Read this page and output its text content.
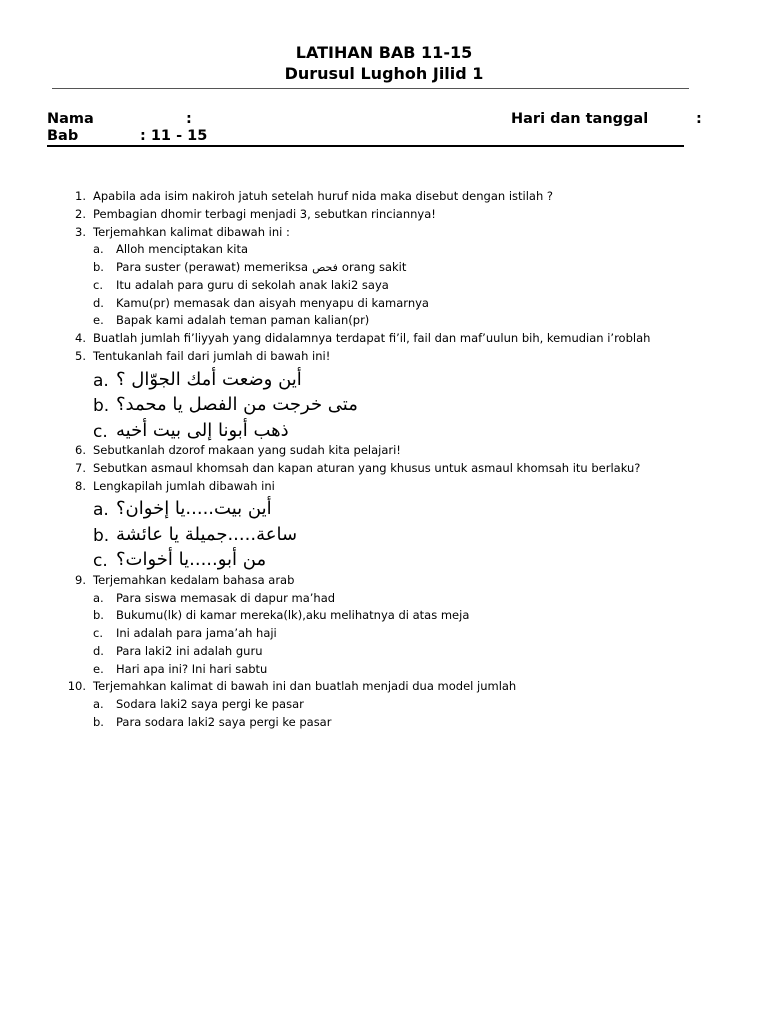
LATIHAN BAB 11-15
Durusul Lughoh Jilid 1
Nama	:	Hari dan tanggal	:
Bab	: 11 - 15
1. Apabila ada isim nakiroh jatuh setelah huruf nida maka disebut dengan istilah ?
2. Pembagian dhomir terbagi menjadi 3, sebutkan rinciannya!
3. Terjemahkan kalimat dibawah ini :
a. Alloh menciptakan kita
b. Para suster (perawat) memeriksa فحص orang sakit
c. Itu adalah para guru di sekolah anak laki2 saya
d. Kamu(pr) memasak dan aisyah menyapu di kamarnya
e. Bapak kami adalah teman paman kalian(pr)
4. Buatlah jumlah fi’liyyah yang didalamnya terdapat fi’il, fail dan maf’uulun bih, kemudian i’roblah
5. Tentukanlah fail dari jumlah di bawah ini!
a. أين وضعت أمك الجوّال ؟
b. متى خرجت من الفصل يا محمد؟
c. ذهب أبونا إلى بيت أخيه
6. Sebutkanlah dzorof makaan yang sudah kita pelajari!
7. Sebutkan asmaul khomsah dan kapan aturan yang khusus untuk asmaul khomsah itu berlaku?
8. Lengkapilah jumlah dibawah ini
a. أين بيت.....يا إخوان؟
b. ساعة.....جميلة يا عائشة
c. من أبو.....يا أخوات؟
9. Terjemahkan kedalam bahasa arab
a. Para siswa memasak di dapur ma’had
b. Bukumu(lk) di kamar mereka(lk),aku melihatnya di atas meja
c. Ini adalah para jama’ah haji
d. Para laki2 ini adalah guru
e. Hari apa ini? Ini hari sabtu
10. Terjemahkan kalimat di bawah ini dan buatlah menjadi dua model jumlah
a. Sodara laki2 saya pergi ke pasar
b. Para sodara laki2 saya pergi ke pasar
